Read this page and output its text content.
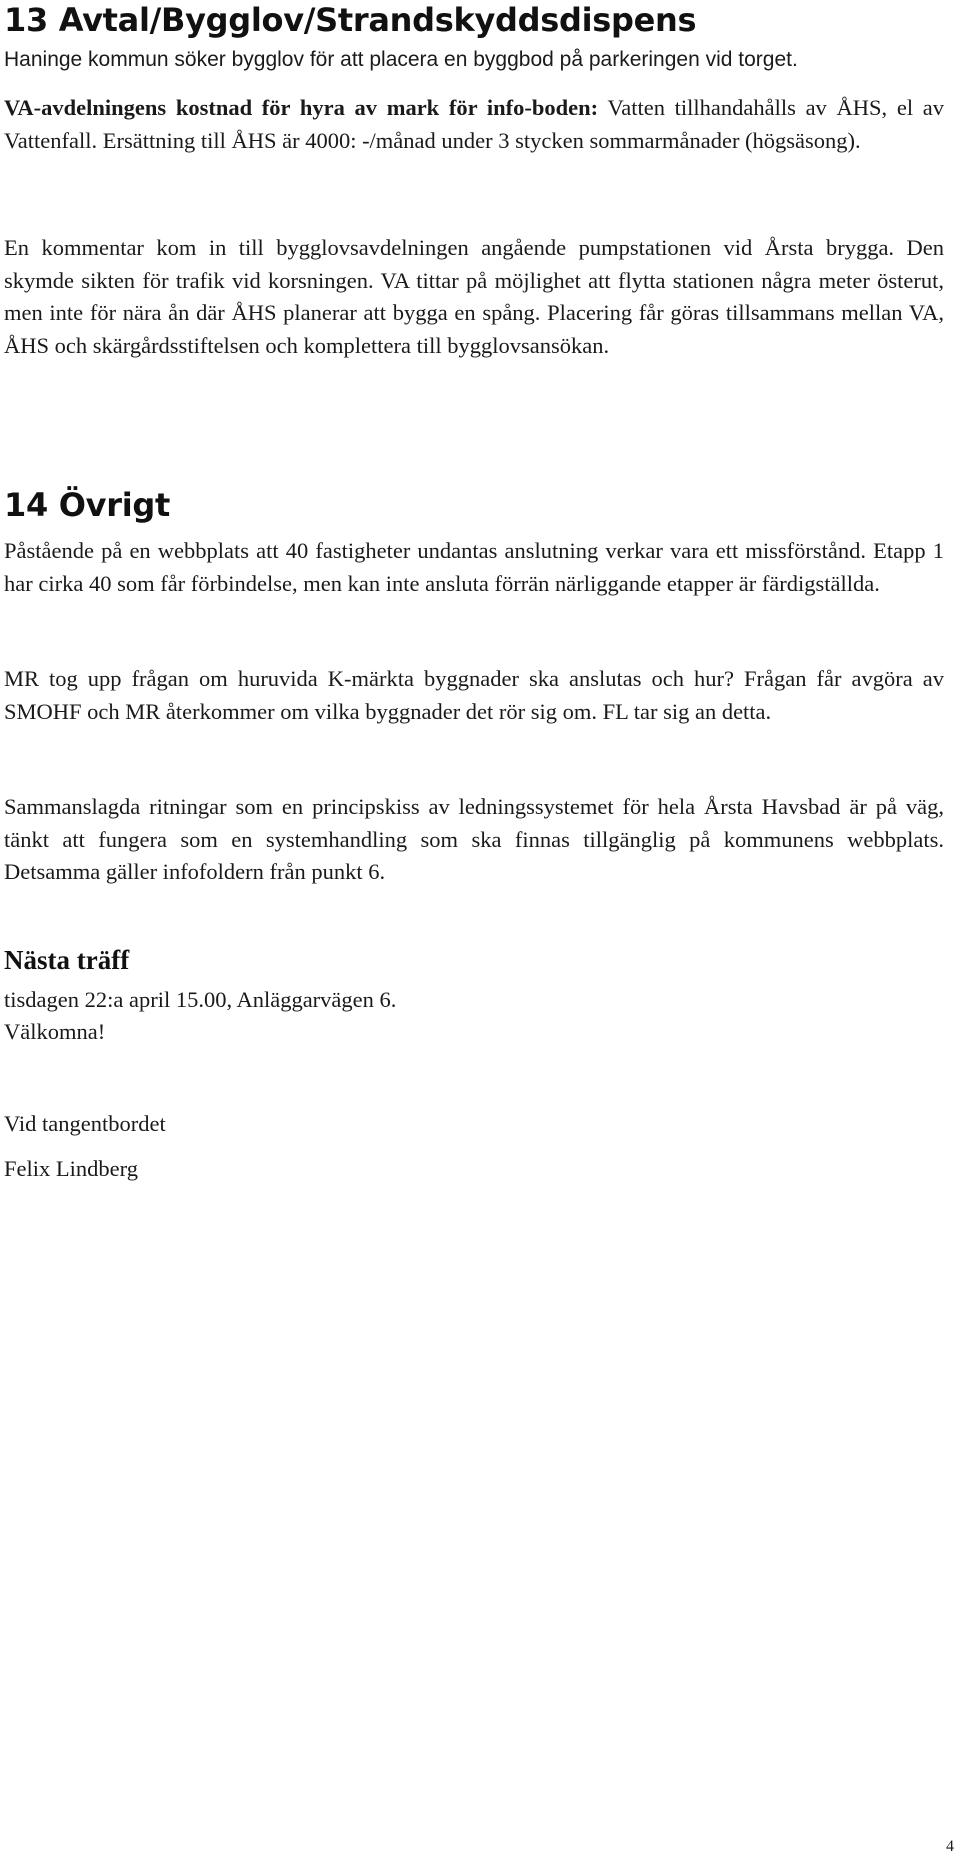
13 Avtal/Bygglov/Strandskyddsdispens

Haninge kommun söker bygglov för att placera en byggbod på parkeringen vid torget.

VA-avdelningens kostnad för hyra av mark för info-boden: Vatten tillhandahålls av ÅHS, el av Vattenfall. Ersättning till ÅHS är 4000: -/månad under 3 stycken sommarmånader (högsäsong).

En kommentar kom in till bygglovsavdelningen angående pumpstationen vid Årsta brygga. Den skymde sikten för trafik vid korsningen. VA tittar på möjlighet att flytta stationen några meter österut, men inte för nära ån där ÅHS planerar att bygga en spång. Placering får göras tillsammans mellan VA, ÅHS och skärgårdsstiftelsen och komplettera till bygglovsansökan.

14 Övrigt

Påstående på en webbplats att 40 fastigheter undantas anslutning verkar vara ett missförstånd. Etapp 1 har cirka 40 som får förbindelse, men kan inte ansluta förrän närliggande etapper är färdigställda.

MR tog upp frågan om huruvida K-märkta byggnader ska anslutas och hur? Frågan får avgöra av SMOHF och MR återkommer om vilka byggnader det rör sig om. FL tar sig an detta.

Sammanslagda ritningar som en principskiss av ledningssystemet för hela Årsta Havsbad är på väg, tänkt att fungera som en systemhandling som ska finnas tillgänglig på kommunens webbplats. Detsamma gäller infofoldern från punkt 6.

Nästa träff

tisdagen 22:a april 15.00, Anläggarvägen 6.

Välkomna!

Vid tangentbordet

Felix Lindberg

4
